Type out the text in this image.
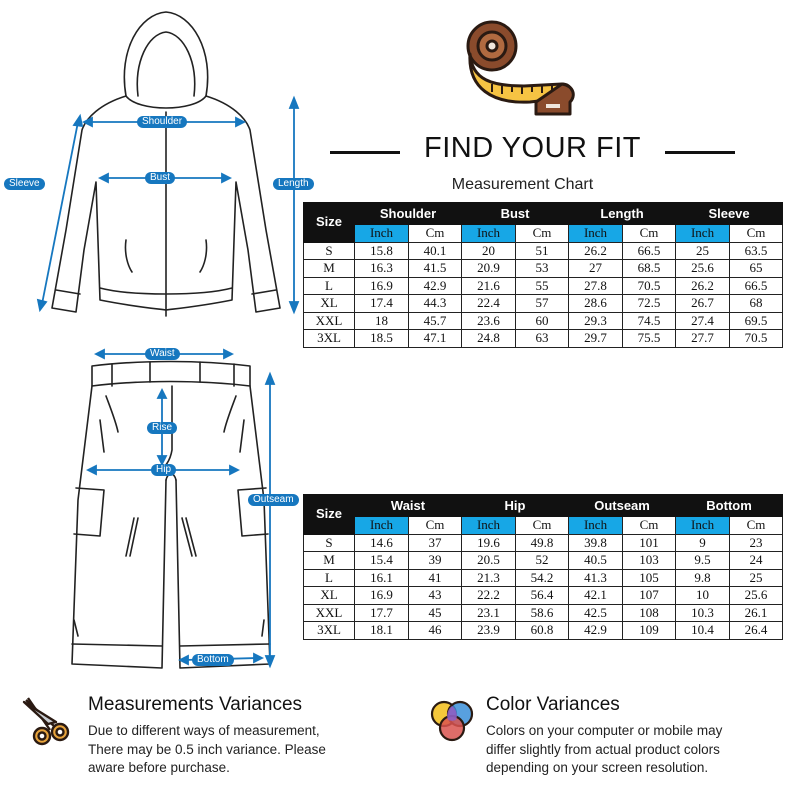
Shoulder
Bust
Sleeve	Length
Waist
Rise
Hip
Outseam
Bottom
FIND YOUR FIT
Measurement Chart
Size	Shoulder		Bust		Length		Sleeve	
	Inch	Cm	Inch	Cm	Inch	Cm	Inch	Cm
S	15.8	40.1	20	51	26.2	66.5	25	63.5
M	16.3	41.5	20.9	53	27	68.5	25.6	65
L	16.9	42.9	21.6	55	27.8	70.5	26.2	66.5
XL	17.4	44.3	22.4	57	28.6	72.5	26.7	68
XXL	18	45.7	23.6	60	29.3	74.5	27.4	69.5
3XL	18.5	47.1	24.8	63	29.7	75.5	27.7	70.5
Size	Waist		Hip		Outseam		Bottom	
	Inch	Cm	Inch	Cm	Inch	Cm	Inch	Cm
S	14.6	37	19.6	49.8	39.8	101	9	23
M	15.4	39	20.5	52	40.5	103	9.5	24
L	16.1	41	21.3	54.2	41.3	105	9.8	25
XL	16.9	43	22.2	56.4	42.1	107	10	25.6
XXL	17.7	45	23.1	58.6	42.5	108	10.3	26.1
3XL	18.1	46	23.9	60.8	42.9	109	10.4	26.4
Measurements Variances
Due to different ways of measurement,
There may be 0.5 inch variance. Please
aware before purchase.
Color Variances
Colors on your computer or mobile may
differ slightly from actual product colors
depending on your screen resolution.
